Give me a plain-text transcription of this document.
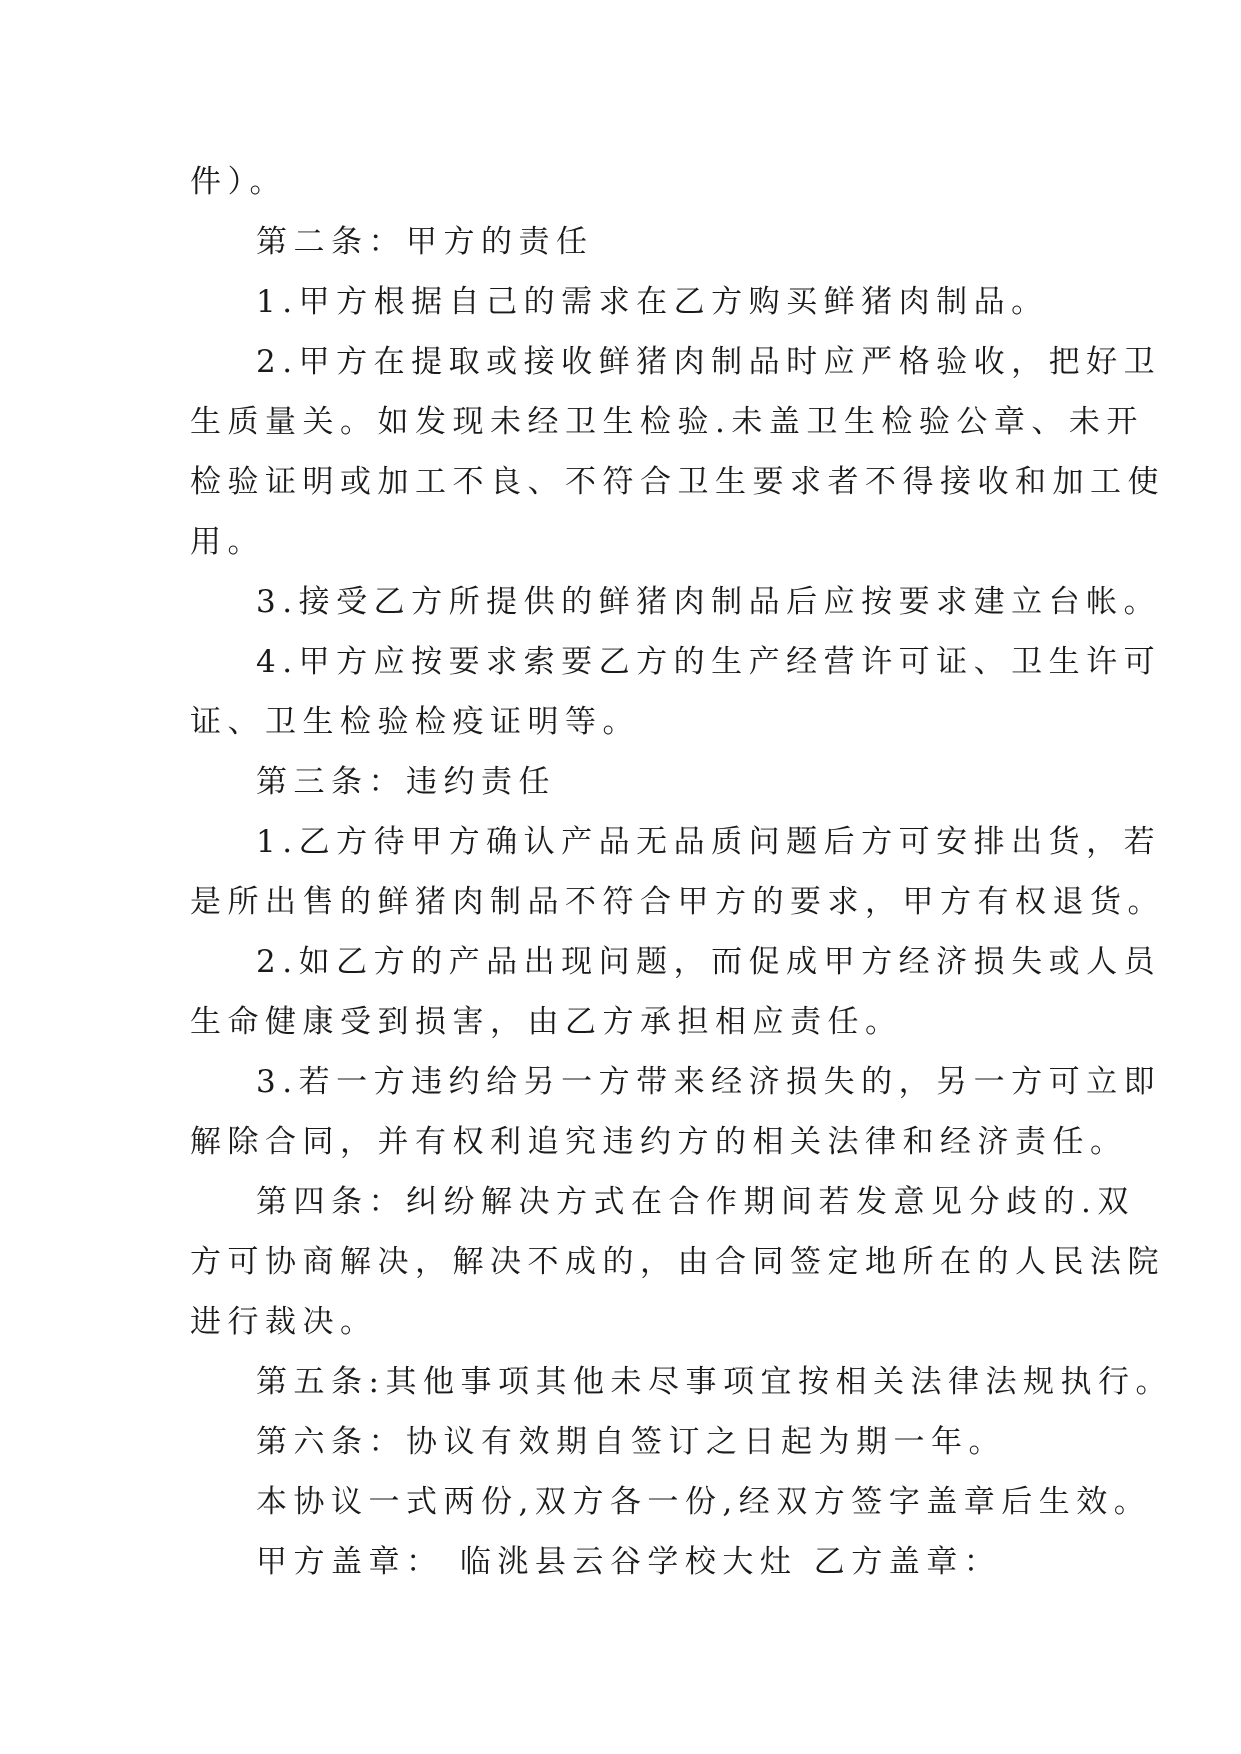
件）。
第二条：甲方的责任
1.甲方根据自己的需求在乙方购买鲜猪肉制品。
2.甲方在提取或接收鲜猪肉制品时应严格验收，把好卫
生质量关。如发现未经卫生检验.未盖卫生检验公章、未开
检验证明或加工不良、不符合卫生要求者不得接收和加工使
用。
3.接受乙方所提供的鲜猪肉制品后应按要求建立台帐。
4.甲方应按要求索要乙方的生产经营许可证、卫生许可
证、卫生检验检疫证明等。
第三条：违约责任
1.乙方待甲方确认产品无品质问题后方可安排出货，若
是所出售的鲜猪肉制品不符合甲方的要求，甲方有权退货。
2.如乙方的产品出现问题，而促成甲方经济损失或人员
生命健康受到损害，由乙方承担相应责任。
3.若一方违约给另一方带来经济损失的，另一方可立即
解除合同，并有权利追究违约方的相关法律和经济责任。
第四条：纠纷解决方式在合作期间若发意见分歧的.双
方可协商解决，解决不成的，由合同签定地所在的人民法院
进行裁决。
第五条:其他事项其他未尽事项宜按相关法律法规执行。
第六条：协议有效期自签订之日起为期一年。
本协议一式两份,双方各一份,经双方签字盖章后生效。
甲方盖章： 临洮县云谷学校大灶 乙方盖章：
